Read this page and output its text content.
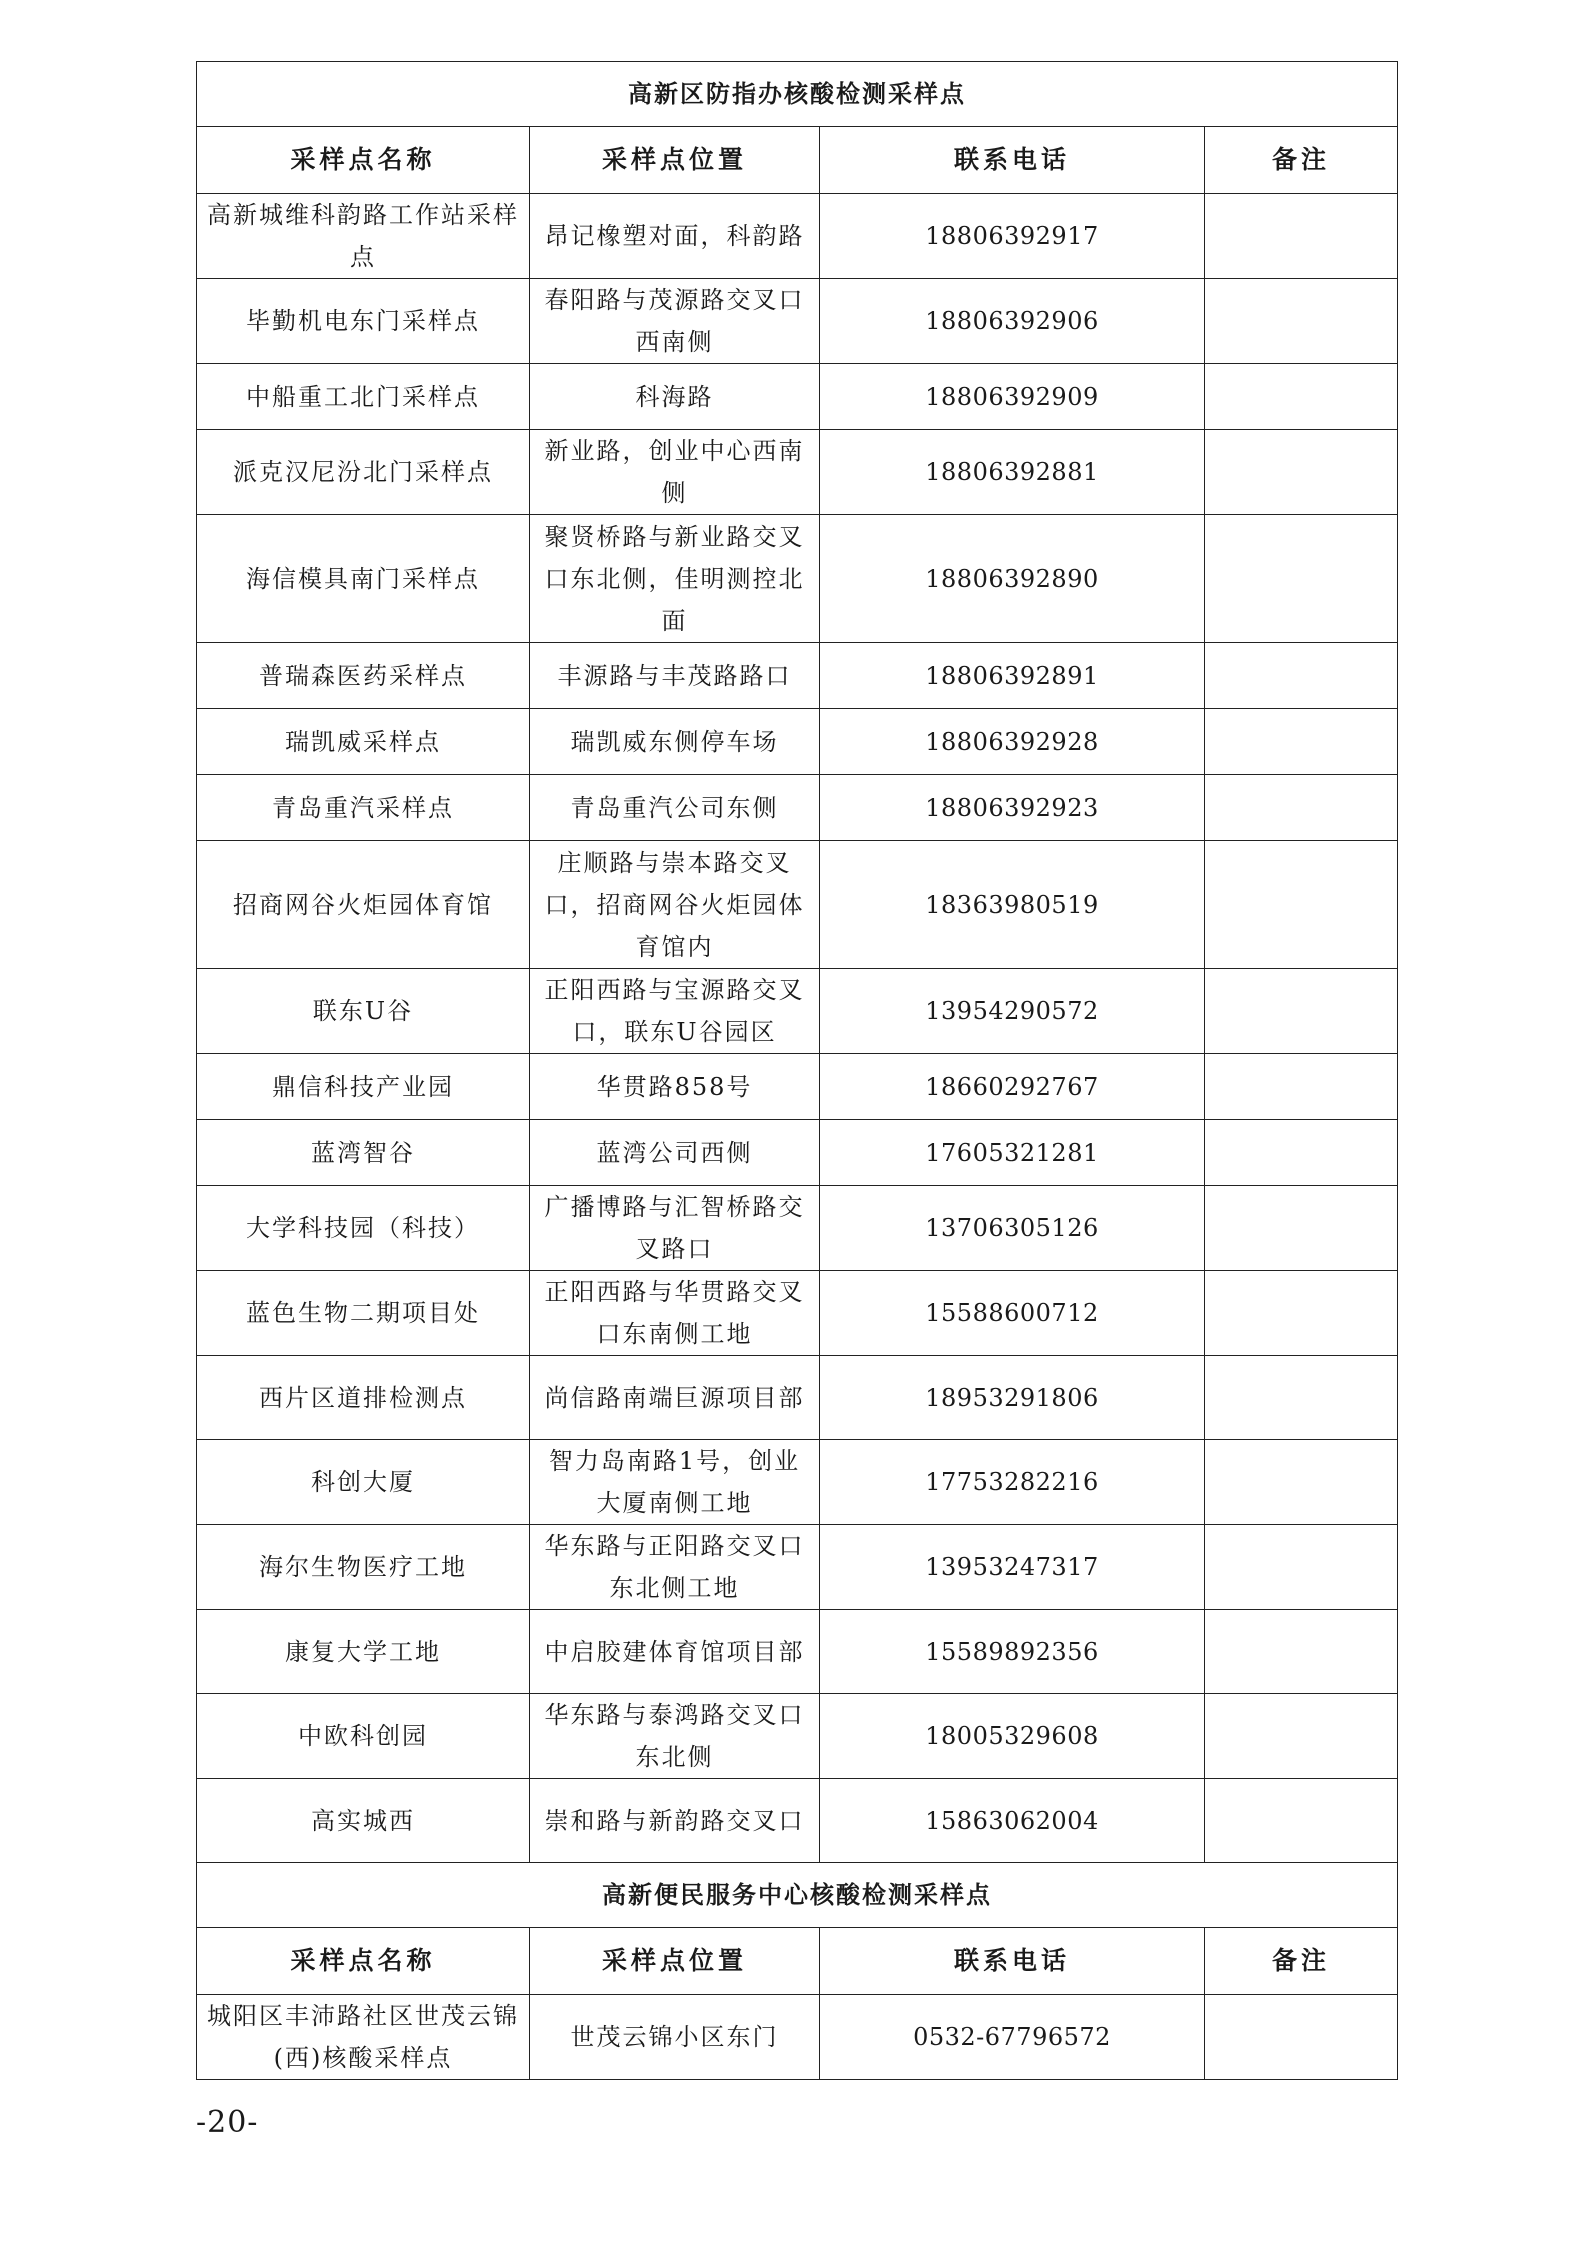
高新区防指办核酸检测采样点			
采样点名称	采样点位置	联系电话	备注
高新城维科韵路工作站采样点	昂记橡塑对面，科韵路	18806392917	
毕勤机电东门采样点	春阳路与茂源路交叉口西南侧	18806392906	
中船重工北门采样点	科海路	18806392909	
派克汉尼汾北门采样点	新业路，创业中心西南侧	18806392881	
海信模具南门采样点	聚贤桥路与新业路交叉口东北侧，佳明测控北面	18806392890	
普瑞森医药采样点	丰源路与丰茂路路口	18806392891	
瑞凯威采样点	瑞凯威东侧停车场	18806392928	
青岛重汽采样点	青岛重汽公司东侧	18806392923	
招商网谷火炬园体育馆	庄顺路与崇本路交叉口，招商网谷火炬园体育馆内	18363980519	
联东U谷	正阳西路与宝源路交叉口，联东U谷园区	13954290572	
鼎信科技产业园	华贯路858号	18660292767	
蓝湾智谷	蓝湾公司西侧	17605321281	
大学科技园（科技）	广播博路与汇智桥路交叉路口	13706305126	
蓝色生物二期项目处	正阳西路与华贯路交叉口东南侧工地	15588600712	
西片区道排检测点	尚信路南端巨源项目部	18953291806	
科创大厦	智力岛南路1号，创业大厦南侧工地	17753282216	
海尔生物医疗工地	华东路与正阳路交叉口东北侧工地	13953247317	
康复大学工地	中启胶建体育馆项目部	15589892356	
中欧科创园	华东路与泰鸿路交叉口东北侧	18005329608	
高实城西	崇和路与新韵路交叉口	15863062004	
高新便民服务中心核酸检测采样点			
采样点名称	采样点位置	联系电话	备注
城阳区丰沛路社区世茂云锦(西)核酸采样点	世茂云锦小区东门	0532-67796572	
-20-
